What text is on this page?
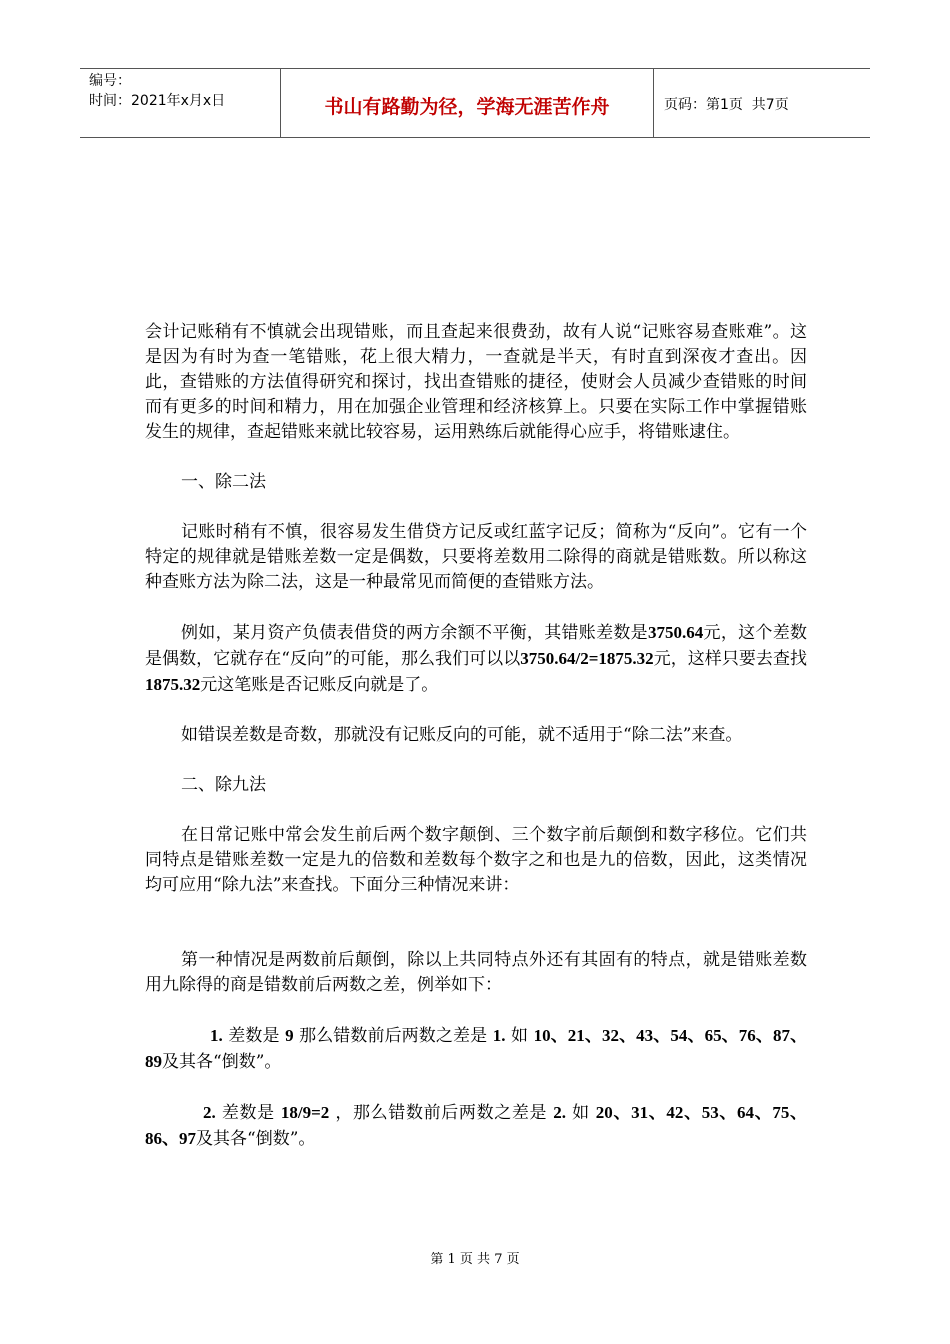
编号：
时间：2021年x月x日	书山有路勤为径，学海无涯苦作舟	页码：第1页  共7页

会计记账稍有不慎就会出现错账，而且查起来很费劲，故有人说“记账容易查账难”。这是因为有时为查一笔错账，花上很大精力，一查就是半天，有时直到深夜才查出。因此，查错账的方法值得研究和探讨，找出查错账的捷径，使财会人员减少查错账的时间而有更多的时间和精力，用在加强企业管理和经济核算上。只要在实际工作中掌握错账发生的规律，查起错账来就比较容易，运用熟练后就能得心应手，将错账逮住。

一、除二法

记账时稍有不慎，很容易发生借贷方记反或红蓝字记反；简称为“反向”。它有一个特定的规律就是错账差数一定是偶数，只要将差数用二除得的商就是错账数。所以称这种查账方法为除二法，这是一种最常见而简便的查错账方法。

例如，某月资产负债表借贷的两方余额不平衡，其错账差数是3750.64元，这个差数是偶数，它就存在“反向”的可能，那么我们可以以3750.64/2=1875.32元，这样只要去查找1875.32元这笔账是否记账反向就是了。

如错误差数是奇数，那就没有记账反向的可能，就不适用于“除二法”来查。

二、除九法

在日常记账中常会发生前后两个数字颠倒、三个数字前后颠倒和数字移位。它们共同特点是错账差数一定是九的倍数和差数每个数字之和也是九的倍数，因此，这类情况均可应用“除九法”来查找。下面分三种情况来讲：

第一种情况是两数前后颠倒，除以上共同特点外还有其固有的特点，就是错账差数用九除得的商是错数前后两数之差，例举如下：

1. 差数是 9 那么错数前后两数之差是 1. 如 10、21、32、43、54、65、76、87、89及其各“倒数”。

2. 差数是 18/9=2 ，那么错数前后两数之差是 2. 如 20、31、42、53、64、75、86、97及其各“倒数”。

第 1 页 共 7 页
